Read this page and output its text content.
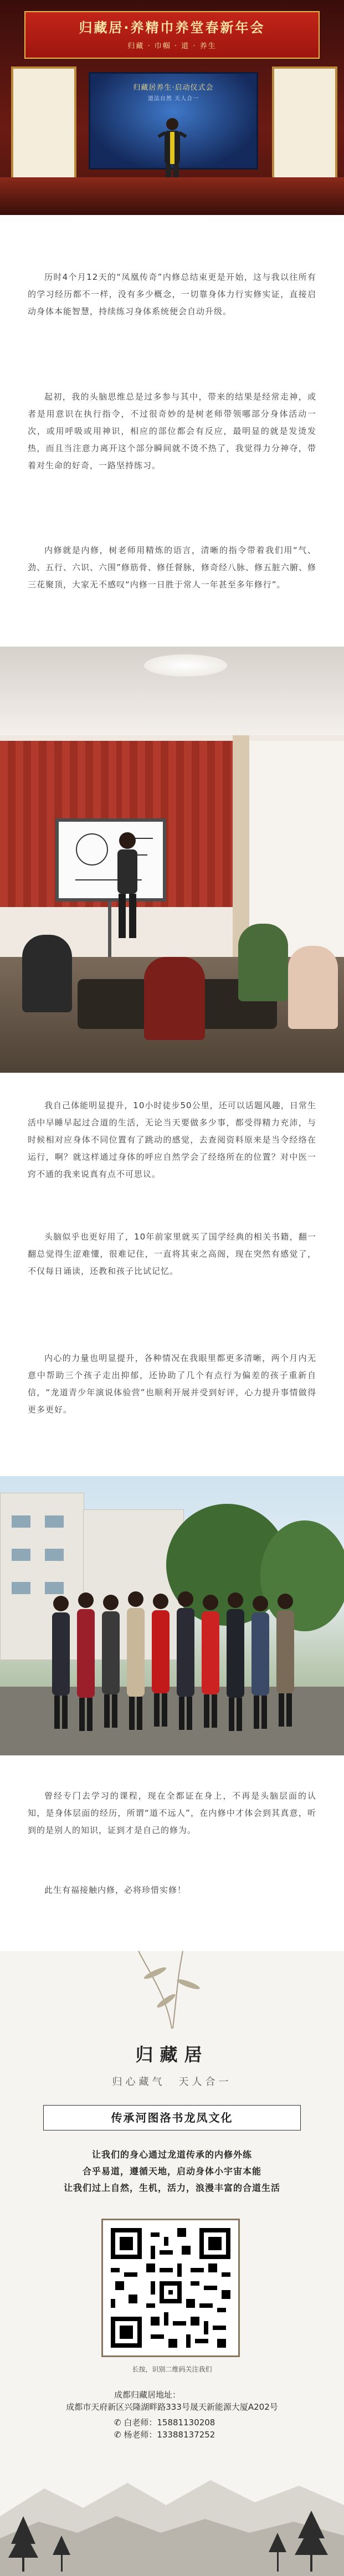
归藏居·养精巾养堂春新年会
归藏 · 巾帼 · 道 · 养生
归藏居养生·启动仪式会
道法自然 天人合一

历时4个月12天的“凤凰传奇”内修总结束更是开始，这与我以往所有的学习经历都不一样，没有多少概念，一切靠身体力行实修实证，直接启动身体本能智慧，持续练习身体系统便会自动升级。

起初，我的头脑思维总是过多参与其中，带来的结果是经常走神，或者是用意识在执行指令，不过很奇妙的是树老师带领哪部分身体活动一次，或用呼吸或用神识，相应的部位都会有反应，最明显的就是发烫发热，而且当注意力离开这个部分瞬间就不烫不热了，我觉得力分神夺，带着对生命的好奇，一路坚持练习。

内修就是内修，树老师用精炼的语言，清晰的指令带着我们用“气、劲、五行、六识、六围”修筋骨、修任督脉，修奇经八脉、修五脏六腑、修三花聚顶，大家无不感叹“内修一日胜于常人一年甚至多年修行”。

我自己体能明显提升，10小时徒步50公里，还可以话题风趣，日常生活中早睡早起过合道的生活，无论当天要做多少事，都受得精力充沛，与时候相对应身体不同位置有了跳动的感觉，去查阅资料原来是当令经络在运行，啊？就这样通过身体的呼应自然学会了经络所在的位置？对中医一窍不通的我来说真有点不可思议。

头脑似乎也更好用了，10年前家里就买了国学经典的相关书籍，翻一翻总觉得生涩难懂，很难记住，一直将其束之高阁，现在突然有感觉了，不仅每日诵读，还教和孩子比试记忆。

内心的力量也明显提升，各种情况在我眼里都更多清晰，两个月内无意中帮助三个孩子走出抑郁，还协助了几个有点行为偏差的孩子重新自信，“龙道青少年演说体验营”也顺利开展并受到好评，心力提升事情做得更多更好。

曾经专门去学习的课程，现在全都证在身上，不再是头脑层面的认知，是身体层面的经历，所谓“道不远人”，在内修中才体会到其真意，听到的是别人的知识，证到才是自己的修为。

此生有福接触内修，必将珍惜实修！

归藏居
归心藏气　天人合一
传承河图洛书龙凤文化
让我们的身心通过龙道传承的内修外练
合乎易道，遵循天地，启动身体小宇宙本能
让我们过上自然，生机，活力，浪漫丰富的合道生活
长按，识别二维码关注我们
成都归藏居地址：
成都市天府新区兴隆湖畔路333号晟天新能源大厦A202号
✆ 白老师：15881130208
✆ 杨老师：13388137252
